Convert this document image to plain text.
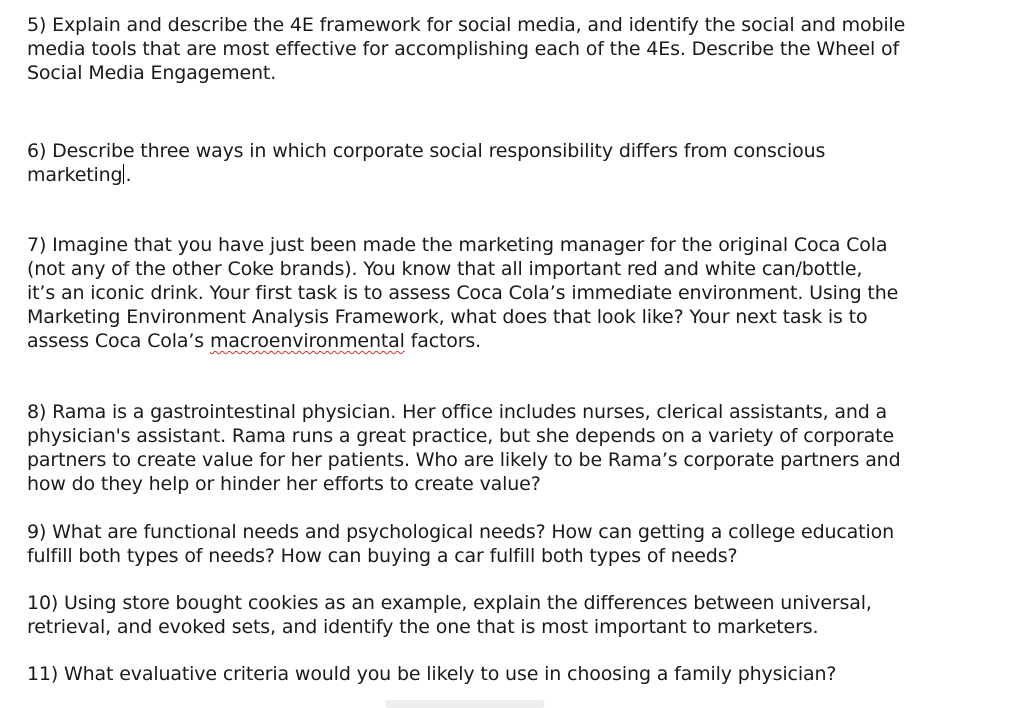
5) Explain and describe the 4E framework for social media, and identify the social and mobile
media tools that are most effective for accomplishing each of the 4Es. Describe the Wheel of
Social Media Engagement.

6) Describe three ways in which corporate social responsibility differs from conscious
marketing .

7) Imagine that you have just been made the marketing manager for the original Coca Cola
(not any of the other Coke brands). You know that all important red and white can/bottle,
it’s an iconic drink. Your first task is to assess Coca Cola’s immediate environment. Using the
Marketing Environment Analysis Framework, what does that look like? Your next task is to
assess Coca Cola’s macroenvironmental factors.

8) Rama is a gastrointestinal physician. Her office includes nurses, clerical assistants, and a
physician's assistant. Rama runs a great practice, but she depends on a variety of corporate
partners to create value for her patients. Who are likely to be Rama’s corporate partners and
how do they help or hinder her efforts to create value?

9) What are functional needs and psychological needs? How can getting a college education
fulfill both types of needs? How can buying a car fulfill both types of needs?

10) Using store bought cookies as an example, explain the differences between universal,
retrieval, and evoked sets, and identify the one that is most important to marketers.

11) What evaluative criteria would you be likely to use in choosing a family physician?
